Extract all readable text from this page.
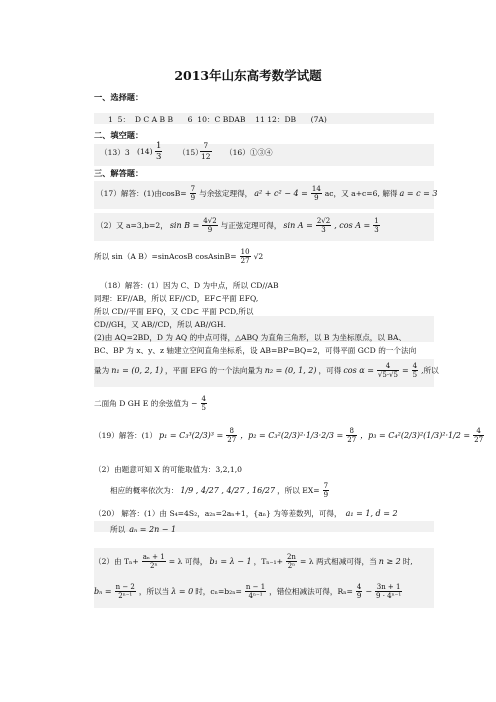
2013年山东高考数学试题
一、选择题：
1  5：  D C A B B      6  10：C BDAB    11 12：DB      (7A)
二、填空题：
（13）3 $(14) \frac{1}{3} (15)$
$\frac{7}{12}$ （16）①③④
三、解答题：
（17）解答：(1)由$\cos B= \frac{7}{9}$ 与余弦定理得， $a^2 + c^2 - 4 = \frac{14}{9}$ ac，又 a+c=6, 解得 a = c = 3
（2）又 a=3,b=2， $\sin B = \frac{4√2}{9}$ 与正弦定理可得， $\sin A = \frac{2√2}{3}$ , $\cos A = \frac{1}{3}$
所以 sin（A B）=sinAcosB cosAsinB= $\frac{10}{27} √2$
（18）解答：(1）因为 C、D 为中点，所以 CD//AB
同理：EF//AB，所以 EF//CD，EF⊂平面 EFQ,
所以 CD//平面 EFQ，又 CD⊂ 平面 PCD,所以
CD//GH，又 AB//CD，所以 AB//GH.
(2)由 AQ=2BD，D 为 AQ 的中点可得，△ABQ 为直角三角形，以 B 为坐标原点，以 BA、
BC、BP 为 x、y、z 轴建立空间直角坐标系，设 AB=BP=BQ=2，可得平面 GCD 的一个法向
量为 n₁ = (0, 2, 1) ，平面 EFG 的一个法向量为 n₂ = (0, 1, 2) ，可得 $\cos \alpha = \frac{4}{√5\cdot√5} = \frac{4}{5}$ ,所以
二面角 D GH E 的余弦值为 − $\frac{4}{5}$
（19）解答：(1） $p_1 = C_3^3(2/3)^3 = \frac{8}{27}$ ，$p_2 = C_3^2(2/3)^2\cdot 1/3\cdot 2/3 = \frac{8}{27}$ ，$p_3 = C_4^2(2/3)^2(1/3)^2\cdot 1/2 = \frac{4}{27}$
（2）由题意可知 X 的可能取值为：3,2,1,0
相应的概率依次为： 1/9 , 4/27 , 4/27 , 16/27 ，所以 $EX= \frac{7}{9}$
（20） 解答：(1）由 S₄=4S₂，a₂ₙ=2aₙ+1，{aₙ} 为等差数列，可得， a₁ = 1, d = 2
所以 aₙ = 2n − 1
（2）由 $T_n+ \frac{\text{aₙ + 1}}{\text{2ⁿ}} = \lambda$ 可得， b₁ = λ − 1 ，$T_{n-1}+ \frac{2n}{\text{2ⁿ}} = \lambda$ 两式相减可得，当 n ≥ 2 时,
$b_n = \frac{n - 2}{\text{2ⁿ⁻¹}}$ ，所以当 λ = 0 时，$c_n=b_{2n}= \frac{n - 1}{\text{4ⁿ⁻¹}}$ ，错位相减法可得，$R_n= \frac{4}{9} - \frac{3n + 1}{\text{9 · 4ⁿ⁻¹}}$
